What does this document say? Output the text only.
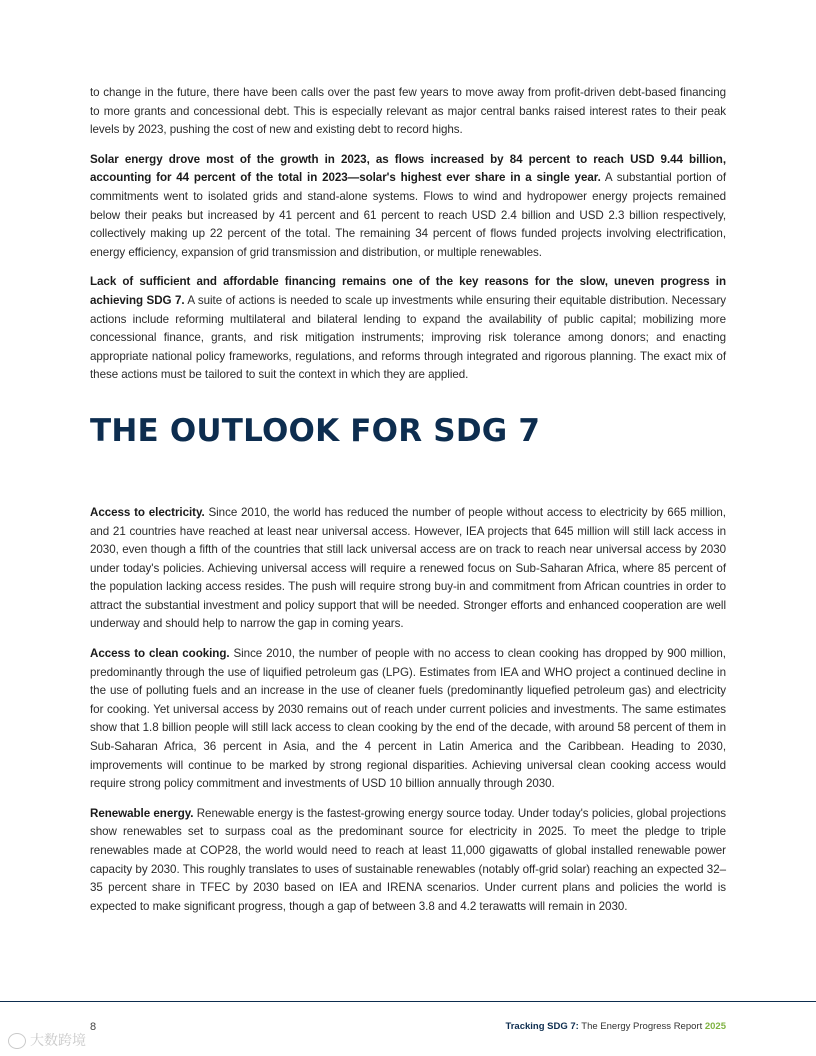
to change in the future, there have been calls over the past few years to move away from profit-driven debt-based financing to more grants and concessional debt. This is especially relevant as major central banks raised interest rates to their peak levels by 2023, pushing the cost of new and existing debt to record highs.

Solar energy drove most of the growth in 2023, as flows increased by 84 percent to reach USD 9.44 billion, accounting for 44 percent of the total in 2023—solar's highest ever share in a single year. A substantial portion of commitments went to isolated grids and stand-alone systems. Flows to wind and hydropower energy projects remained below their peaks but increased by 41 percent and 61 percent to reach USD 2.4 billion and USD 2.3 billion respectively, collectively making up 22 percent of the total. The remaining 34 percent of flows funded projects involving electrification, energy efficiency, expansion of grid transmission and distribution, or multiple renewables.

Lack of sufficient and affordable financing remains one of the key reasons for the slow, uneven progress in achieving SDG 7. A suite of actions is needed to scale up investments while ensuring their equitable distribution. Necessary actions include reforming multilateral and bilateral lending to expand the availability of public capital; mobilizing more concessional finance, grants, and risk mitigation instruments; improving risk tolerance among donors; and enacting appropriate national policy frameworks, regulations, and reforms through integrated and rigorous planning. The exact mix of these actions must be tailored to suit the context in which they are applied.

THE OUTLOOK FOR SDG 7

Access to electricity. Since 2010, the world has reduced the number of people without access to electricity by 665 million, and 21 countries have reached at least near universal access. However, IEA projects that 645 million will still lack access in 2030, even though a fifth of the countries that still lack universal access are on track to reach near universal access by 2030 under today's policies. Achieving universal access will require a renewed focus on Sub-Saharan Africa, where 85 percent of the population lacking access resides. The push will require strong buy-in and commitment from African countries in order to attract the substantial investment and policy support that will be needed. Stronger efforts and enhanced cooperation are well underway and should help to narrow the gap in coming years.

Access to clean cooking. Since 2010, the number of people with no access to clean cooking has dropped by 900 million, predominantly through the use of liquified petroleum gas (LPG). Estimates from IEA and WHO project a continued decline in the use of polluting fuels and an increase in the use of cleaner fuels (predominantly liquefied petroleum gas) and electricity for cooking. Yet universal access by 2030 remains out of reach under current policies and investments. The same estimates show that 1.8 billion people will still lack access to clean cooking by the end of the decade, with around 58 percent of them in Sub-Saharan Africa, 36 percent in Asia, and the 4 percent in Latin America and the Caribbean. Heading to 2030, improvements will continue to be marked by strong regional disparities. Achieving universal clean cooking access would require strong policy commitment and investments of USD 10 billion annually through 2030.

Renewable energy. Renewable energy is the fastest-growing energy source today. Under today's policies, global projections show renewables set to surpass coal as the predominant source for electricity in 2025. To meet the pledge to triple renewables made at COP28, the world would need to reach at least 11,000 gigawatts of global installed renewable power capacity by 2030. This roughly translates to uses of sustainable renewables (notably off-grid solar) reaching an expected 32–35 percent share in TFEC by 2030 based on IEA and IRENA scenarios. Under current plans and policies the world is expected to make significant progress, though a gap of between 3.8 and 4.2 terawatts will remain in 2030.

8	Tracking SDG 7: The Energy Progress Report 2025
大数跨境
